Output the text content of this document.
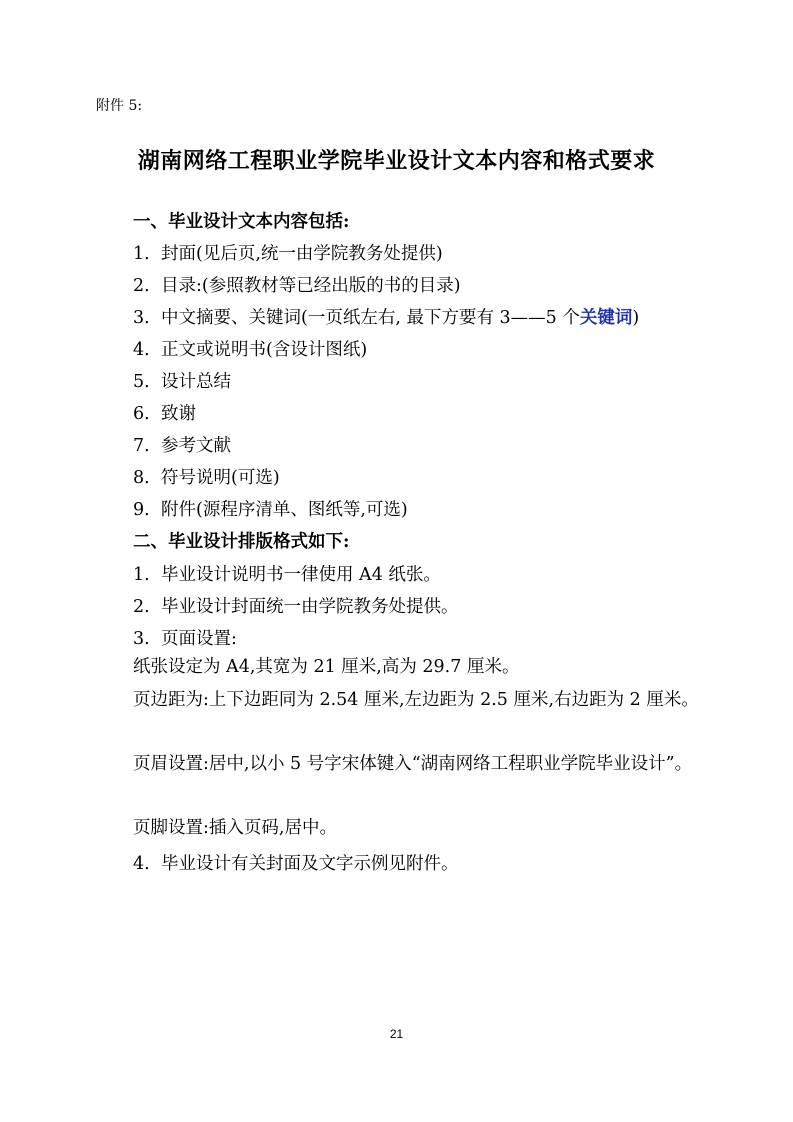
附件 5:
湖南网络工程职业学院毕业设计文本内容和格式要求
一、毕业设计文本内容包括:
1. 封面(见后页,统一由学院教务处提供)
2. 目录:(参照教材等已经出版的书的目录)
3. 中文摘要、关键词(一页纸左右, 最下方要有 3——5 个关键词)
4. 正文或说明书(含设计图纸)
5. 设计总结
6. 致谢
7. 参考文献
8. 符号说明(可选)
9. 附件(源程序清单、图纸等,可选)
二、毕业设计排版格式如下:
1. 毕业设计说明书一律使用 A4 纸张。
2. 毕业设计封面统一由学院教务处提供。
3. 页面设置:
纸张设定为 A4,其宽为 21 厘米,高为 29.7 厘米。
页边距为:上下边距同为 2.54 厘米,左边距为 2.5 厘米,右边距为 2 厘米。
页眉设置:居中,以小 5 号字宋体键入“湖南网络工程职业学院毕业设计”。
页脚设置:插入页码,居中。
4. 毕业设计有关封面及文字示例见附件。
21
